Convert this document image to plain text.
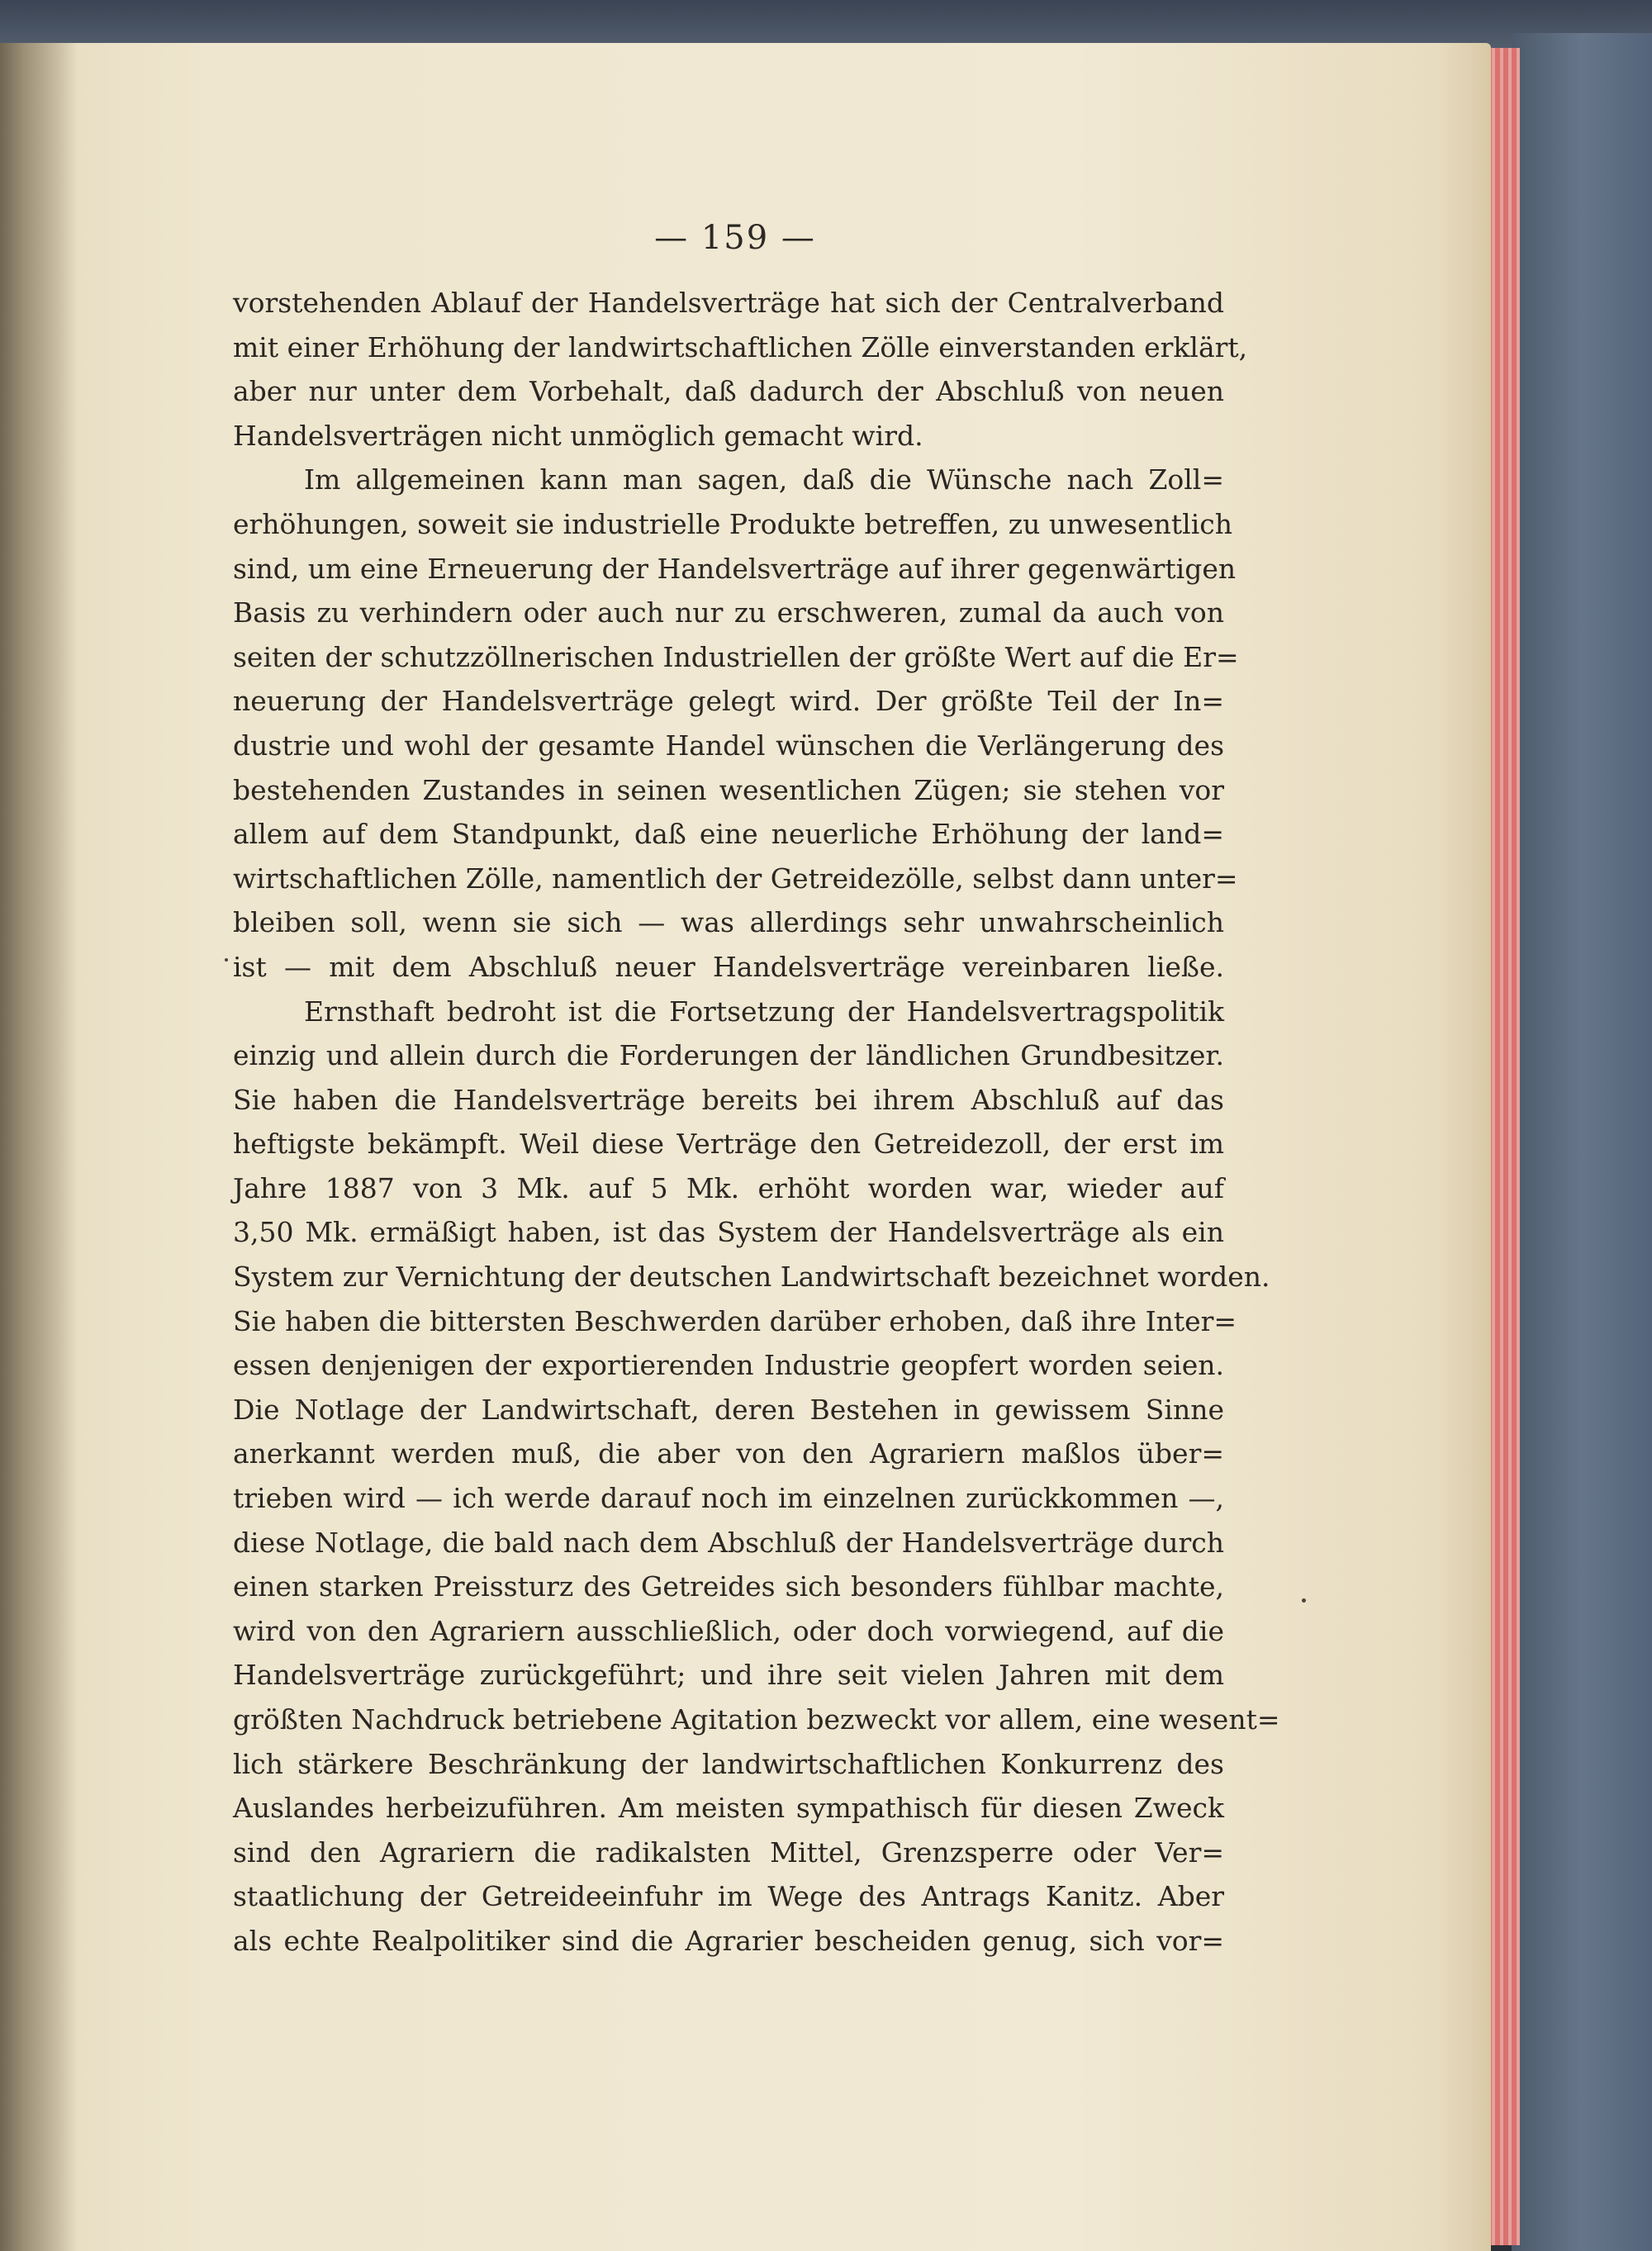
— 159 —
vorstehenden Ablauf der Handelsverträge hat sich der Centralverband
mit einer Erhöhung der landwirtschaftlichen Zölle einverstanden erklärt,
aber nur unter dem Vorbehalt, daß dadurch der Abschluß von neuen
Handelsverträgen nicht unmöglich gemacht wird.
Im allgemeinen kann man sagen, daß die Wünsche nach Zoll=
erhöhungen, soweit sie industrielle Produkte betreffen, zu unwesentlich
sind, um eine Erneuerung der Handelsverträge auf ihrer gegenwärtigen
Basis zu verhindern oder auch nur zu erschweren, zumal da auch von
seiten der schutzzöllnerischen Industriellen der größte Wert auf die Er=
neuerung der Handelsverträge gelegt wird. Der größte Teil der In=
dustrie und wohl der gesamte Handel wünschen die Verlängerung des
bestehenden Zustandes in seinen wesentlichen Zügen; sie stehen vor
allem auf dem Standpunkt, daß eine neuerliche Erhöhung der land=
wirtschaftlichen Zölle, namentlich der Getreidezölle, selbst dann unter=
bleiben soll, wenn sie sich — was allerdings sehr unwahrscheinlich
ist — mit dem Abschluß neuer Handelsverträge vereinbaren ließe.
Ernsthaft bedroht ist die Fortsetzung der Handelsvertragspolitik
einzig und allein durch die Forderungen der ländlichen Grundbesitzer.
Sie haben die Handelsverträge bereits bei ihrem Abschluß auf das
heftigste bekämpft. Weil diese Verträge den Getreidezoll, der erst im
Jahre 1887 von 3 Mk. auf 5 Mk. erhöht worden war, wieder auf
3,50 Mk. ermäßigt haben, ist das System der Handelsverträge als ein
System zur Vernichtung der deutschen Landwirtschaft bezeichnet worden.
Sie haben die bittersten Beschwerden darüber erhoben, daß ihre Inter=
essen denjenigen der exportierenden Industrie geopfert worden seien.
Die Notlage der Landwirtschaft, deren Bestehen in gewissem Sinne
anerkannt werden muß, die aber von den Agrariern maßlos über=
trieben wird — ich werde darauf noch im einzelnen zurückkommen —,
diese Notlage, die bald nach dem Abschluß der Handelsverträge durch
einen starken Preissturz des Getreides sich besonders fühlbar machte,
wird von den Agrariern ausschließlich, oder doch vorwiegend, auf die
Handelsverträge zurückgeführt; und ihre seit vielen Jahren mit dem
größten Nachdruck betriebene Agitation bezweckt vor allem, eine wesent=
lich stärkere Beschränkung der landwirtschaftlichen Konkurrenz des
Auslandes herbeizuführen. Am meisten sympathisch für diesen Zweck
sind den Agrariern die radikalsten Mittel, Grenzsperre oder Ver=
staatlichung der Getreideeinfuhr im Wege des Antrags Kanitz. Aber
als echte Realpolitiker sind die Agrarier bescheiden genug, sich vor=
